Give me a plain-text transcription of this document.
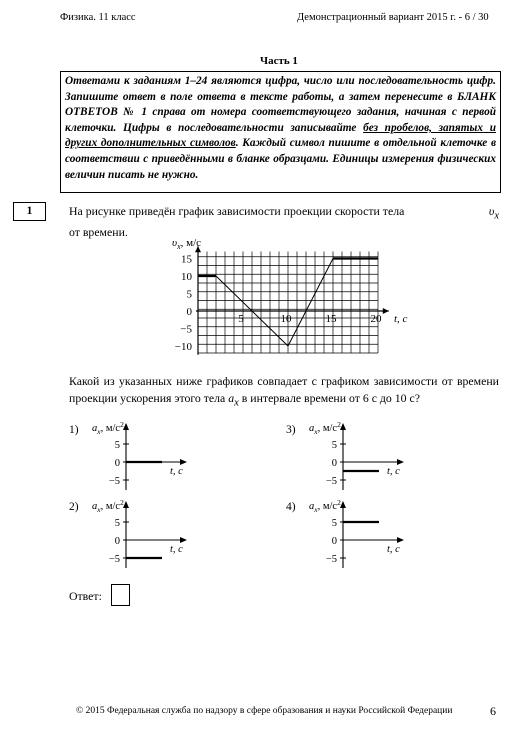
Физика. 11 класс	Демонстрационный вариант 2015 г. - 6 / 30
Часть 1
Ответами к заданиям 1–24 являются цифра, число или последовательность цифр. Запишите ответ в поле ответа в тексте работы, а затем перенесите в БЛАНК ОТВЕТОВ № 1 справа от номера соответствующего задания, начиная с первой клеточки. Цифры в последовательности записывайте без пробелов, запятых и других дополнительных символов. Каждый символ пишите в отдельной клеточке в соответствии с приведёнными в бланке образцами. Единицы измерения физических величин писать не нужно.
1	На рисунке приведён график зависимости проекции скорости тела	$\upsilon_x$
от времени.
15
10
5
0
−5
−10
5	10	15	20
$\upsilon_x$, м/с
t, с
Какой из указанных ниже графиков совпадает с графиком зависимости от времени проекции ускорения этого тела $a_x$ в интервале времени от 6 с до 10 с?
1)
2)
3)
4)
$a_x$, $м/с^2$
5
0
−5
t, с
$a_x$, $м/с^2$
5
0
−5
t, с
$a_x$, $м/с^2$
5
0
−5
t, с
$a_x$, $м/с^2$
5
0
−5
t, с
Ответ:
© 2015 Федеральная служба по надзору в сфере образования и науки Российской Федерации	6
